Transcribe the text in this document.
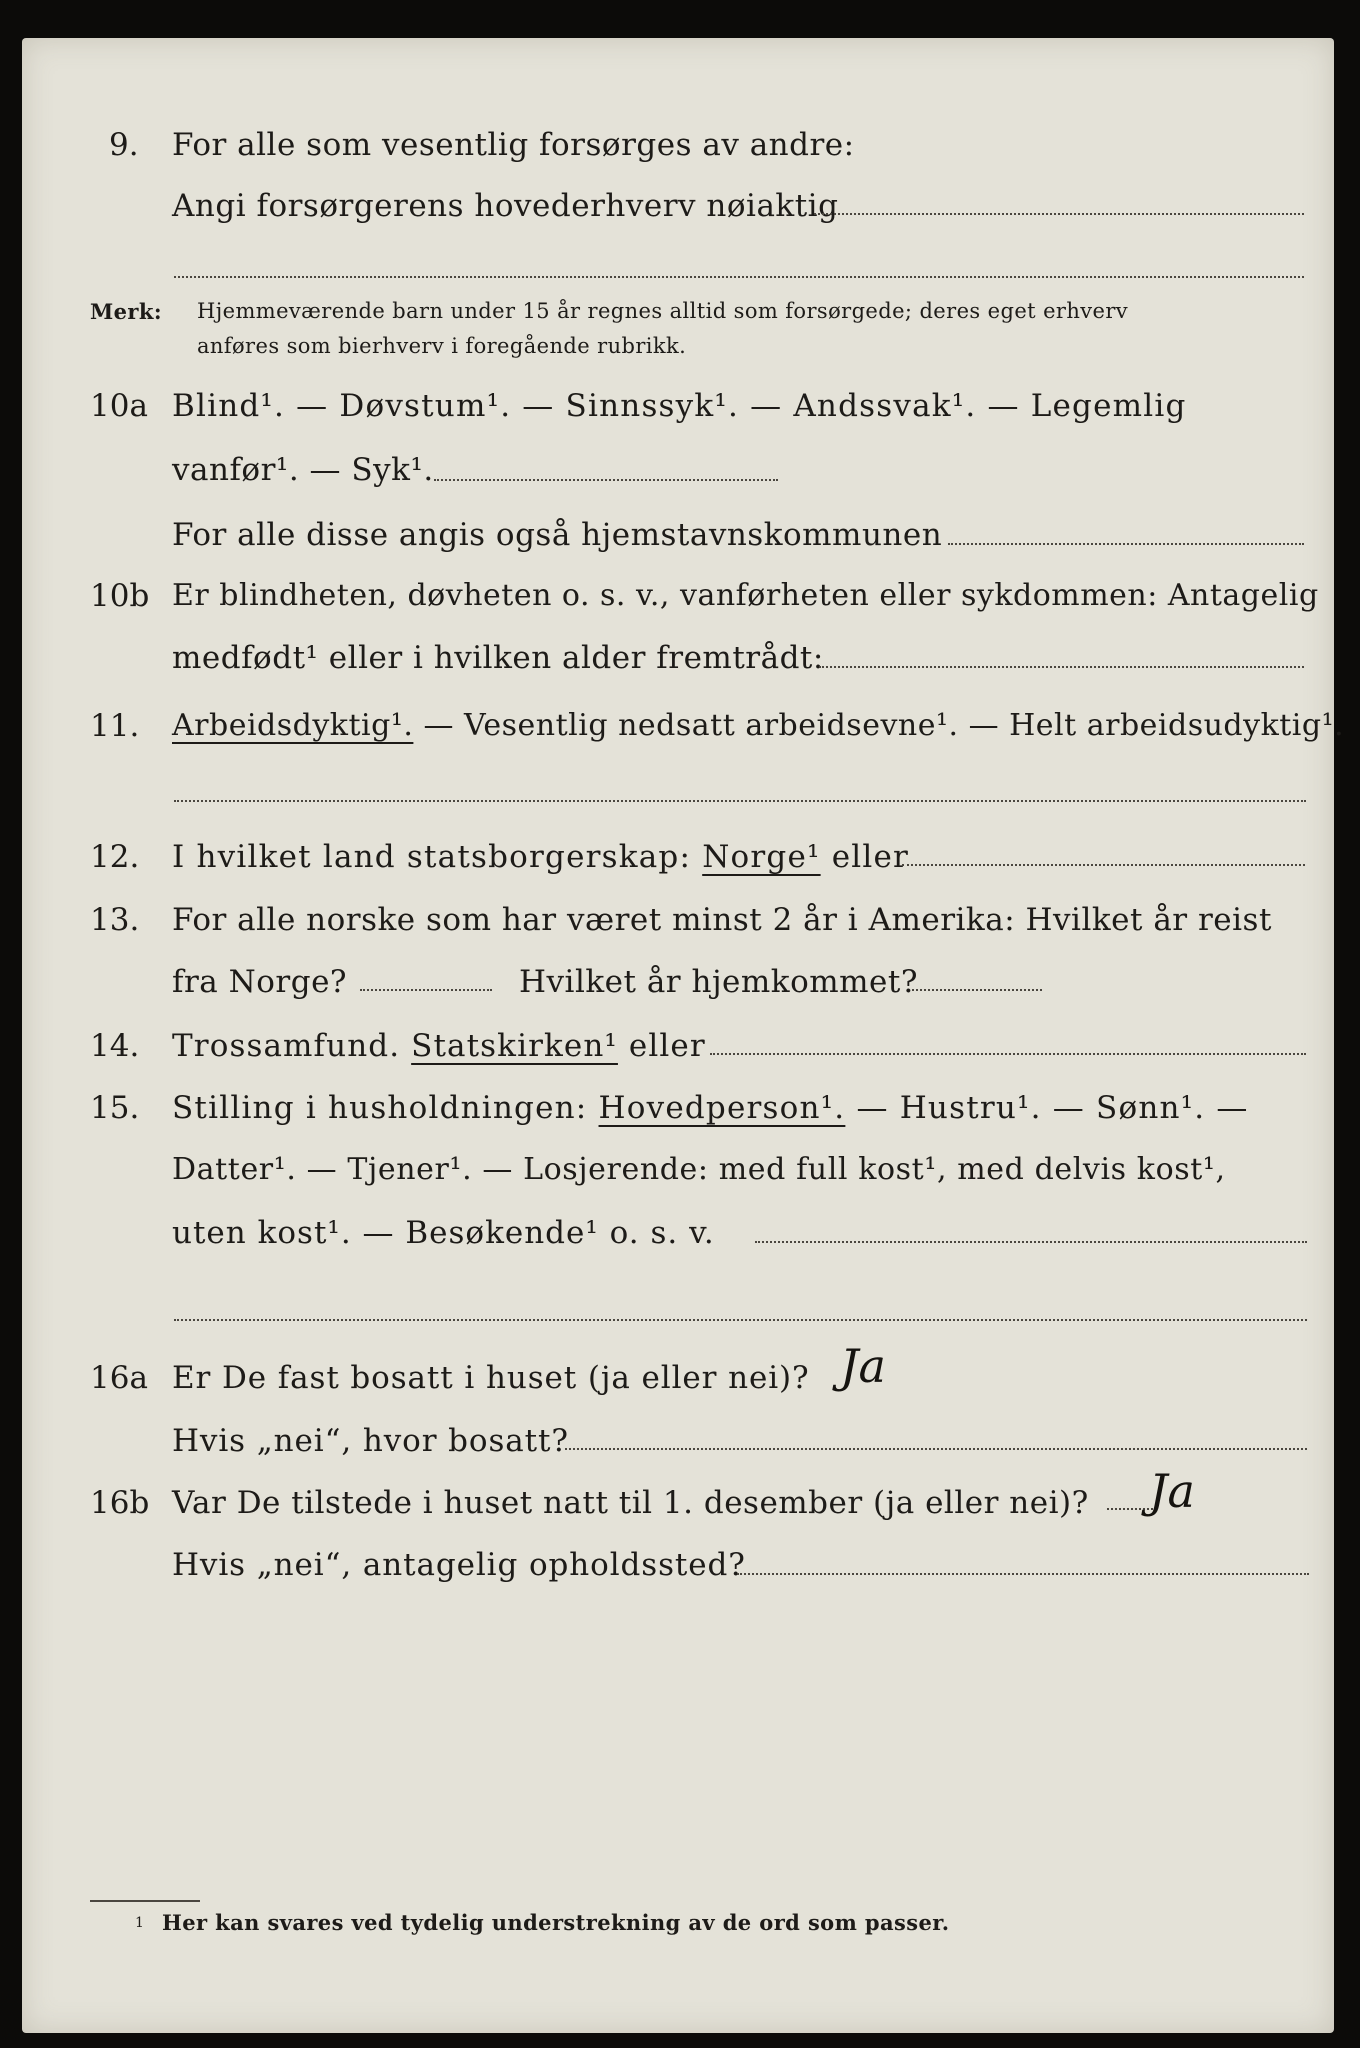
9. For alle som vesentlig forsørges av andre:
Angi forsørgerens hovederhverv nøiaktig
Merk: Hjemmeværende barn under 15 år regnes alltid som forsørgede; deres eget erhverv
anføres som bierhverv i foregående rubrikk.
10a Blind¹. — Døvstum¹. — Sinnssyk¹. — Andssvak¹. — Legemlig
vanfør¹. — Syk¹.
For alle disse angis også hjemstavnskommunen
10b Er blindheten, døvheten o. s. v., vanførheten eller sykdommen: Antagelig
medfødt¹ eller i hvilken alder fremtrådt:
11. Arbeidsdyktig¹. — Vesentlig nedsatt arbeidsevne¹. — Helt arbeidsudyktig¹.
12. I hvilket land statsborgerskap: Norge¹ eller
13. For alle norske som har været minst 2 år i Amerika: Hvilket år reist
fra Norge?	Hvilket år hjemkommet?
14. Trossamfund. Statskirken¹ eller
15. Stilling i husholdningen: Hovedperson¹. — Hustru¹. — Sønn¹. —
Datter¹. — Tjener¹. — Losjerende: med full kost¹, med delvis kost¹,
uten kost¹. — Besøkende¹ o. s. v.
16a Er De fast bosatt i huset (ja eller nei)? Ja
Hvis „nei“, hvor bosatt?
16b Var De tilstede i huset natt til 1. desember (ja eller nei)? Ja
Hvis „nei“, antagelig opholdssted?
1 Her kan svares ved tydelig understrekning av de ord som passer.
